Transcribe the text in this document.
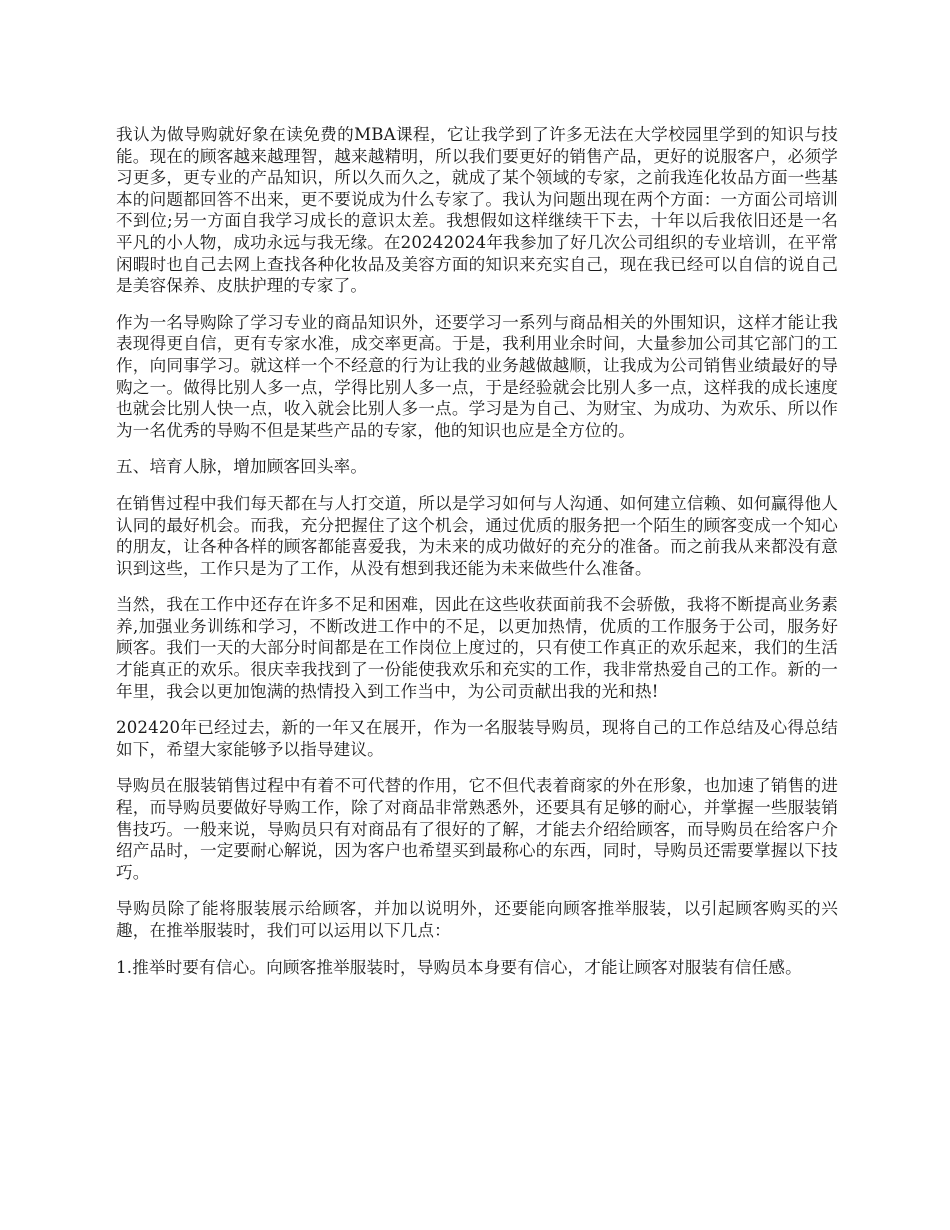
我认为做导购就好象在读免费的MBA课程，它让我学到了许多无法在大学校园里学到的知识与技能。现在的顾客越来越理智，越来越精明，所以我们要更好的销售产品，更好的说服客户，必须学习更多，更专业的产品知识，所以久而久之，就成了某个领域的专家，之前我连化妆品方面一些基本的问题都回答不出来，更不要说成为什么专家了。我认为问题出现在两个方面：一方面公司培训不到位;另一方面自我学习成长的意识太差。我想假如这样继续干下去，十年以后我依旧还是一名平凡的小人物，成功永远与我无缘。在20242024年我参加了好几次公司组织的专业培训，在平常闲暇时也自己去网上查找各种化妆品及美容方面的知识来充实自己，现在我已经可以自信的说自己是美容保养、皮肤护理的专家了。

作为一名导购除了学习专业的商品知识外，还要学习一系列与商品相关的外围知识，这样才能让我表现得更自信，更有专家水准，成交率更高。于是，我利用业余时间，大量参加公司其它部门的工作，向同事学习。就这样一个不经意的行为让我的业务越做越顺，让我成为公司销售业绩最好的导购之一。做得比别人多一点，学得比别人多一点，于是经验就会比别人多一点，这样我的成长速度也就会比别人快一点，收入就会比别人多一点。学习是为自己、为财宝、为成功、为欢乐、所以作为一名优秀的导购不但是某些产品的专家，他的知识也应是全方位的。

五、培育人脉，增加顾客回头率。

在销售过程中我们每天都在与人打交道，所以是学习如何与人沟通、如何建立信赖、如何赢得他人认同的最好机会。而我，充分把握住了这个机会，通过优质的服务把一个陌生的顾客变成一个知心的朋友，让各种各样的顾客都能喜爱我，为未来的成功做好的充分的准备。而之前我从来都没有意识到这些，工作只是为了工作，从没有想到我还能为未来做些什么准备。

当然，我在工作中还存在许多不足和困难，因此在这些收获面前我不会骄傲，我将不断提高业务素养,加强业务训练和学习，不断改进工作中的不足，以更加热情，优质的工作服务于公司，服务好顾客。我们一天的大部分时间都是在工作岗位上度过的，只有使工作真正的欢乐起来，我们的生活才能真正的欢乐。很庆幸我找到了一份能使我欢乐和充实的工作，我非常热爱自己的工作。新的一年里，我会以更加饱满的热情投入到工作当中，为公司贡献出我的光和热!

202420年已经过去，新的一年又在展开，作为一名服装导购员，现将自己的工作总结及心得总结如下，希望大家能够予以指导建议。

导购员在服装销售过程中有着不可代替的作用，它不但代表着商家的外在形象，也加速了销售的进程，而导购员要做好导购工作，除了对商品非常熟悉外，还要具有足够的耐心，并掌握一些服装销售技巧。一般来说，导购员只有对商品有了很好的了解，才能去介绍给顾客，而导购员在给客户介绍产品时，一定要耐心解说，因为客户也希望买到最称心的东西，同时，导购员还需要掌握以下技巧。

导购员除了能将服装展示给顾客，并加以说明外，还要能向顾客推举服装，以引起顾客购买的兴趣，在推举服装时，我们可以运用以下几点：

1.推举时要有信心。向顾客推举服装时，导购员本身要有信心，才能让顾客对服装有信任感。
